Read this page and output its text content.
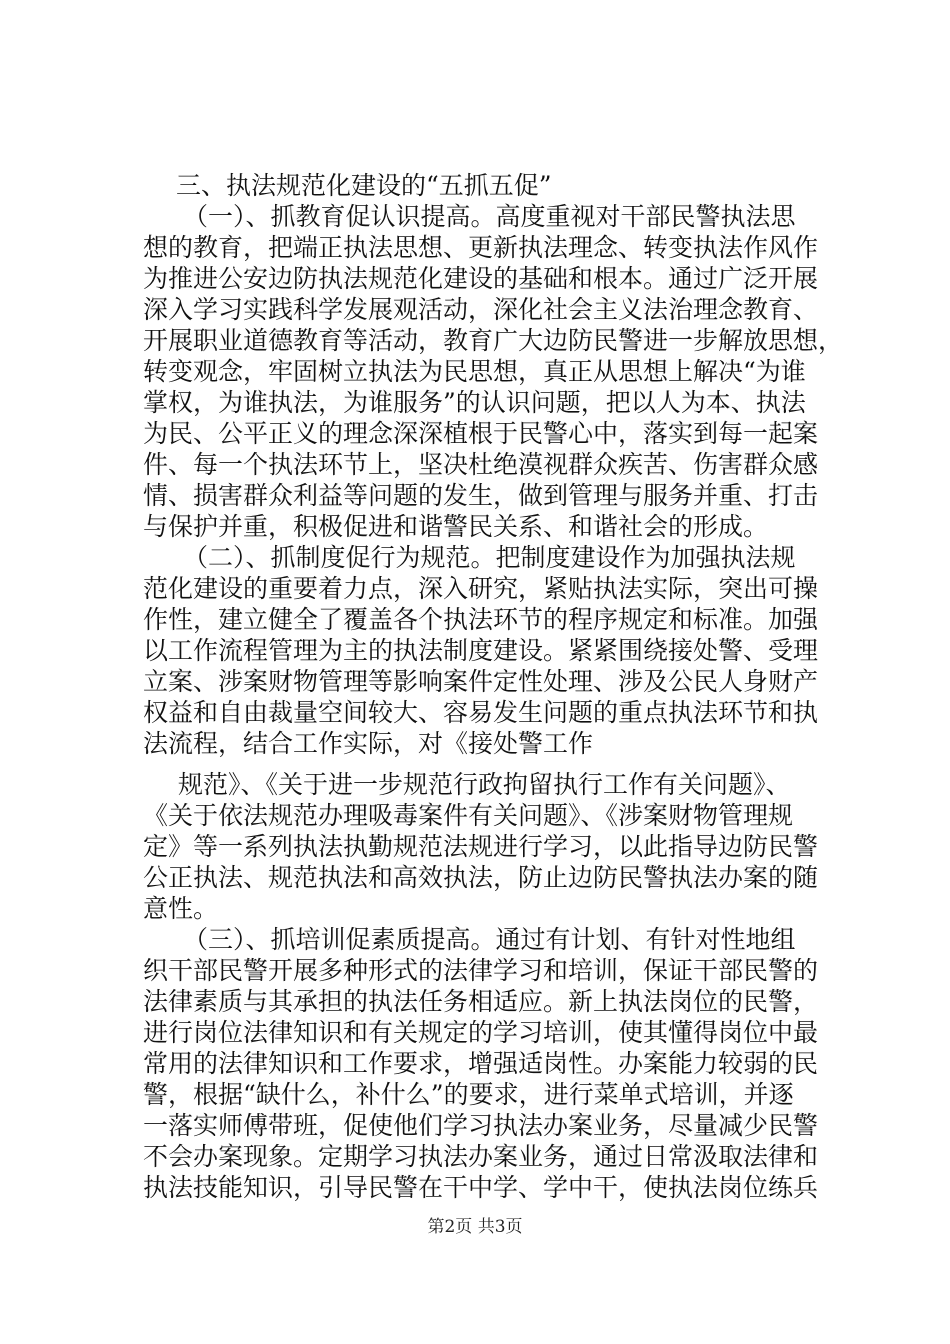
三、执法规范化建设的“五抓五促”
（一）、抓教育促认识提高。高度重视对干部民警执法思
想的教育，把端正执法思想、更新执法理念、转变执法作风作
为推进公安边防执法规范化建设的基础和根本。通过广泛开展
深入学习实践科学发展观活动，深化社会主义法治理念教育、
开展职业道德教育等活动，教育广大边防民警进一步解放思想，
转变观念，牢固树立执法为民思想，真正从思想上解决“为谁
掌权，为谁执法，为谁服务”的认识问题，把以人为本、执法
为民、公平正义的理念深深植根于民警心中，落实到每一起案
件、每一个执法环节上，坚决杜绝漠视群众疾苦、伤害群众感
情、损害群众利益等问题的发生，做到管理与服务并重、打击
与保护并重，积极促进和谐警民关系、和谐社会的形成。
（二）、抓制度促行为规范。把制度建设作为加强执法规
范化建设的重要着力点，深入研究，紧贴执法实际，突出可操
作性，建立健全了覆盖各个执法环节的程序规定和标准。加强
以工作流程管理为主的执法制度建设。紧紧围绕接处警、受理
立案、涉案财物管理等影响案件定性处理、涉及公民人身财产
权益和自由裁量空间较大、容易发生问题的重点执法环节和执
法流程，结合工作实际，对《接处警工作
规范》、《关于进一步规范行政拘留执行工作有关问题》、
《关于依法规范办理吸毒案件有关问题》、《涉案财物管理规
定》等一系列执法执勤规范法规进行学习，以此指导边防民警
公正执法、规范执法和高效执法，防止边防民警执法办案的随
意性。
（三）、抓培训促素质提高。通过有计划、有针对性地组
织干部民警开展多种形式的法律学习和培训，保证干部民警的
法律素质与其承担的执法任务相适应。新上执法岗位的民警，
进行岗位法律知识和有关规定的学习培训，使其懂得岗位中最
常用的法律知识和工作要求，增强适岗性。办案能力较弱的民
警，根据“缺什么，补什么”的要求，进行菜单式培训，并逐
一落实师傅带班，促使他们学习执法办案业务，尽量减少民警
不会办案现象。定期学习执法办案业务，通过日常汲取法律和
执法技能知识，引导民警在干中学、学中干，使执法岗位练兵
第2页 共3页
